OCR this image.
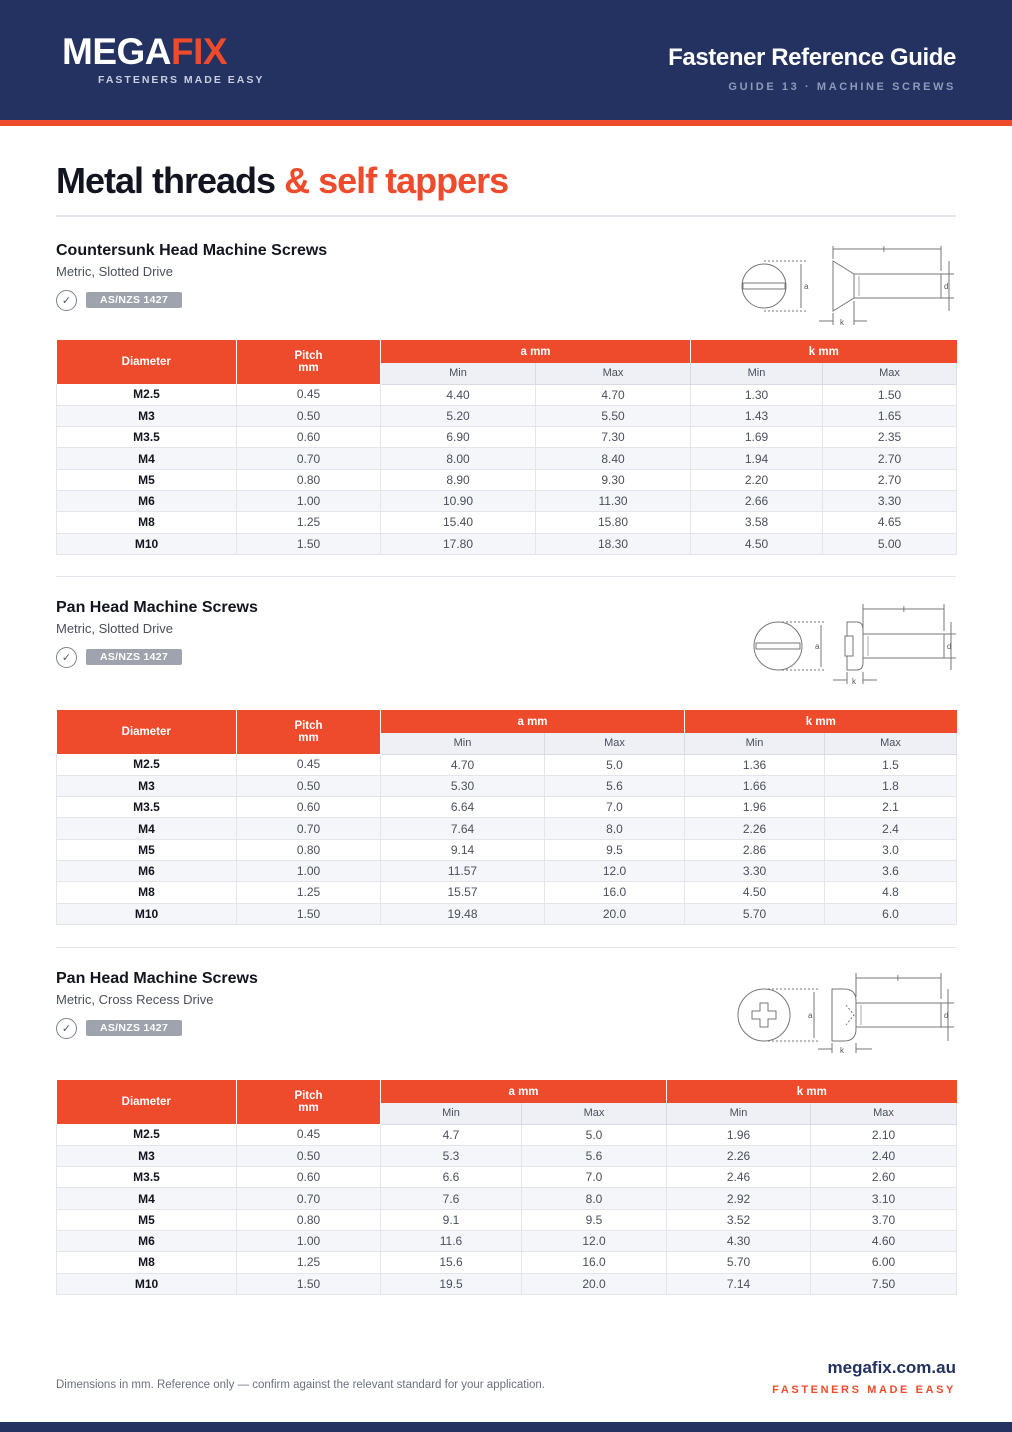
MEGAFIX
FASTENERS MADE EASY
Fastener Reference Guide
GUIDE 13 · MACHINE SCREWS
Metal threads & self tappers
Countersunk Head Machine Screws
Metric, Slotted Drive
✓	AS/NZS 1427
l
a	d
k
Diameter	Pitch
mm	a mm		k mm	
		Min	Max	Min	Max
M2.5	0.45	4.40	4.70	1.30	1.50
M3	0.50	5.20	5.50	1.43	1.65
M3.5	0.60	6.90	7.30	1.69	2.35
M4	0.70	8.00	8.40	1.94	2.70
M5	0.80	8.90	9.30	2.20	2.70
M6	1.00	10.90	11.30	2.66	3.30
M8	1.25	15.40	15.80	3.58	4.65
M10	1.50	17.80	18.30	4.50	5.00
Pan Head Machine Screws
Metric, Slotted Drive
✓	AS/NZS 1427
l
a	d
k
Diameter	Pitch
mm	a mm		k mm	
		Min	Max	Min	Max
M2.5	0.45	4.70	5.0	1.36	1.5
M3	0.50	5.30	5.6	1.66	1.8
M3.5	0.60	6.64	7.0	1.96	2.1
M4	0.70	7.64	8.0	2.26	2.4
M5	0.80	9.14	9.5	2.86	3.0
M6	1.00	11.57	12.0	3.30	3.6
M8	1.25	15.57	16.0	4.50	4.8
M10	1.50	19.48	20.0	5.70	6.0
Pan Head Machine Screws
Metric, Cross Recess Drive
✓	AS/NZS 1427
l
a	d
k
Diameter	Pitch
mm	a mm		k mm	
		Min	Max	Min	Max
M2.5	0.45	4.7	5.0	1.96	2.10
M3	0.50	5.3	5.6	2.26	2.40
M3.5	0.60	6.6	7.0	2.46	2.60
M4	0.70	7.6	8.0	2.92	3.10
M5	0.80	9.1	9.5	3.52	3.70
M6	1.00	11.6	12.0	4.30	4.60
M8	1.25	15.6	16.0	5.70	6.00
M10	1.50	19.5	20.0	7.14	7.50
Dimensions in mm. Reference only — confirm against the relevant standard for your application.
megafix.com.au
FASTENERS MADE EASY
